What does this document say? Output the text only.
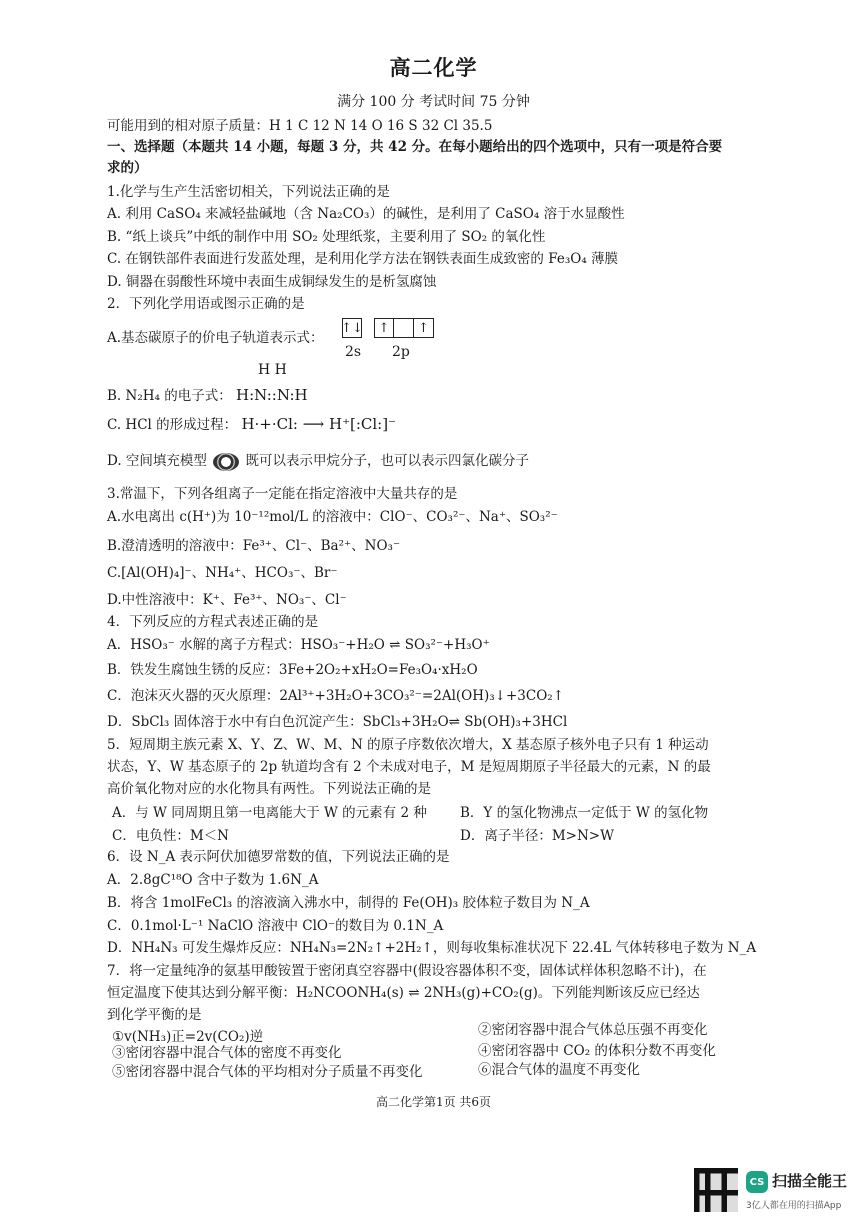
高二化学
满分 100 分 考试时间 75 分钟
可能用到的相对原子质量：H 1 C 12 N 14 O 16 S 32 Cl 35.5
一、选择题（本题共 14 小题，每题 3 分，共 42 分。在每小题给出的四个选项中，只有一项是符合要
求的）
1.化学与生产生活密切相关，下列说法正确的是
A. 利用 CaSO₄ 来减轻盐碱地（含 Na₂CO₃）的碱性，是利用了 CaSO₄ 溶于水显酸性
B. “纸上谈兵”中纸的制作中用 SO₂ 处理纸浆，主要利用了 SO₂ 的氧化性
C. 在钢铁部件表面进行发蓝处理，是利用化学方法在钢铁表面生成致密的 Fe₃O₄ 薄膜
D. 铜器在弱酸性环境中表面生成铜绿发生的是析氢腐蚀
2．下列化学用语或图示正确的是
A.基态碳原子的价电子轨道表示式：
↑↓	↑	↑
2s 2p
H H
B. N₂H₄ 的电子式： H:N::N:H
C. HCl 的形成过程： H·+·Cl: ⟶ H⁺[:Cl:]⁻
D. 空间填充模型	既可以表示甲烷分子，也可以表示四氯化碳分子
3.常温下，下列各组离子一定能在指定溶液中大量共存的是
A.水电离出 c(H⁺)为 10⁻¹²mol/L 的溶液中：ClO⁻、CO₃²⁻、Na⁺、SO₃²⁻
B.澄清透明的溶液中：Fe³⁺、Cl⁻、Ba²⁺、NO₃⁻
C.[Al(OH)₄]⁻、NH₄⁺、HCO₃⁻、Br⁻
D.中性溶液中：K⁺、Fe³⁺、NO₃⁻、Cl⁻
4．下列反应的方程式表述正确的是
A．HSO₃⁻ 水解的离子方程式：HSO₃⁻+H₂O ⇌ SO₃²⁻+H₃O⁺
B．铁发生腐蚀生锈的反应：3Fe+2O₂+xH₂O=Fe₃O₄·xH₂O
C．泡沫灭火器的灭火原理：2Al³⁺+3H₂O+3CO₃²⁻=2Al(OH)₃↓+3CO₂↑
D．SbCl₃ 固体溶于水中有白色沉淀产生：SbCl₃+3H₂O⇌ Sb(OH)₃+3HCl
5．短周期主族元素 X、Y、Z、W、M、N 的原子序数依次增大，X 基态原子核外电子只有 1 种运动
状态，Y、W 基态原子的 2p 轨道均含有 2 个未成对电子，M 是短周期原子半径最大的元素，N 的最
高价氧化物对应的水化物具有两性。下列说法正确的是
A．与 W 同周期且第一电离能大于 W 的元素有 2 种 B．Y 的氢化物沸点一定低于 W 的氢化物
C．电负性：M＜N	D．离子半径：M>N>W
6．设 N_A 表示阿伏加德罗常数的值，下列说法正确的是
A．2.8gC¹⁸O 含中子数为 1.6N_A
B．将含 1molFeCl₃ 的溶液滴入沸水中，制得的 Fe(OH)₃ 胶体粒子数目为 N_A
C．0.1mol·L⁻¹ NaClO 溶液中 ClO⁻的数目为 0.1N_A
D．NH₄N₃ 可发生爆炸反应：NH₄N₃=2N₂↑+2H₂↑，则每收集标准状况下 22.4L 气体转移电子数为 N_A
7．将一定量纯净的氨基甲酸铵置于密闭真空容器中(假设容器体积不变，固体试样体积忽略不计)，在
恒定温度下使其达到分解平衡：H₂NCOONH₄(s) ⇌ 2NH₃(g)+CO₂(g)。下列能判断该反应已经达
到化学平衡的是
①v(NH₃)正=2v(CO₂)逆	②密闭容器中混合气体总压强不再变化
③密闭容器中混合气体的密度不再变化	④密闭容器中 CO₂ 的体积分数不再变化
⑤密闭容器中混合气体的平均相对分子质量不再变化	⑥混合气体的温度不再变化
高二化学第1页 共6页
CS 扫描全能王
3亿人都在用的扫描App
